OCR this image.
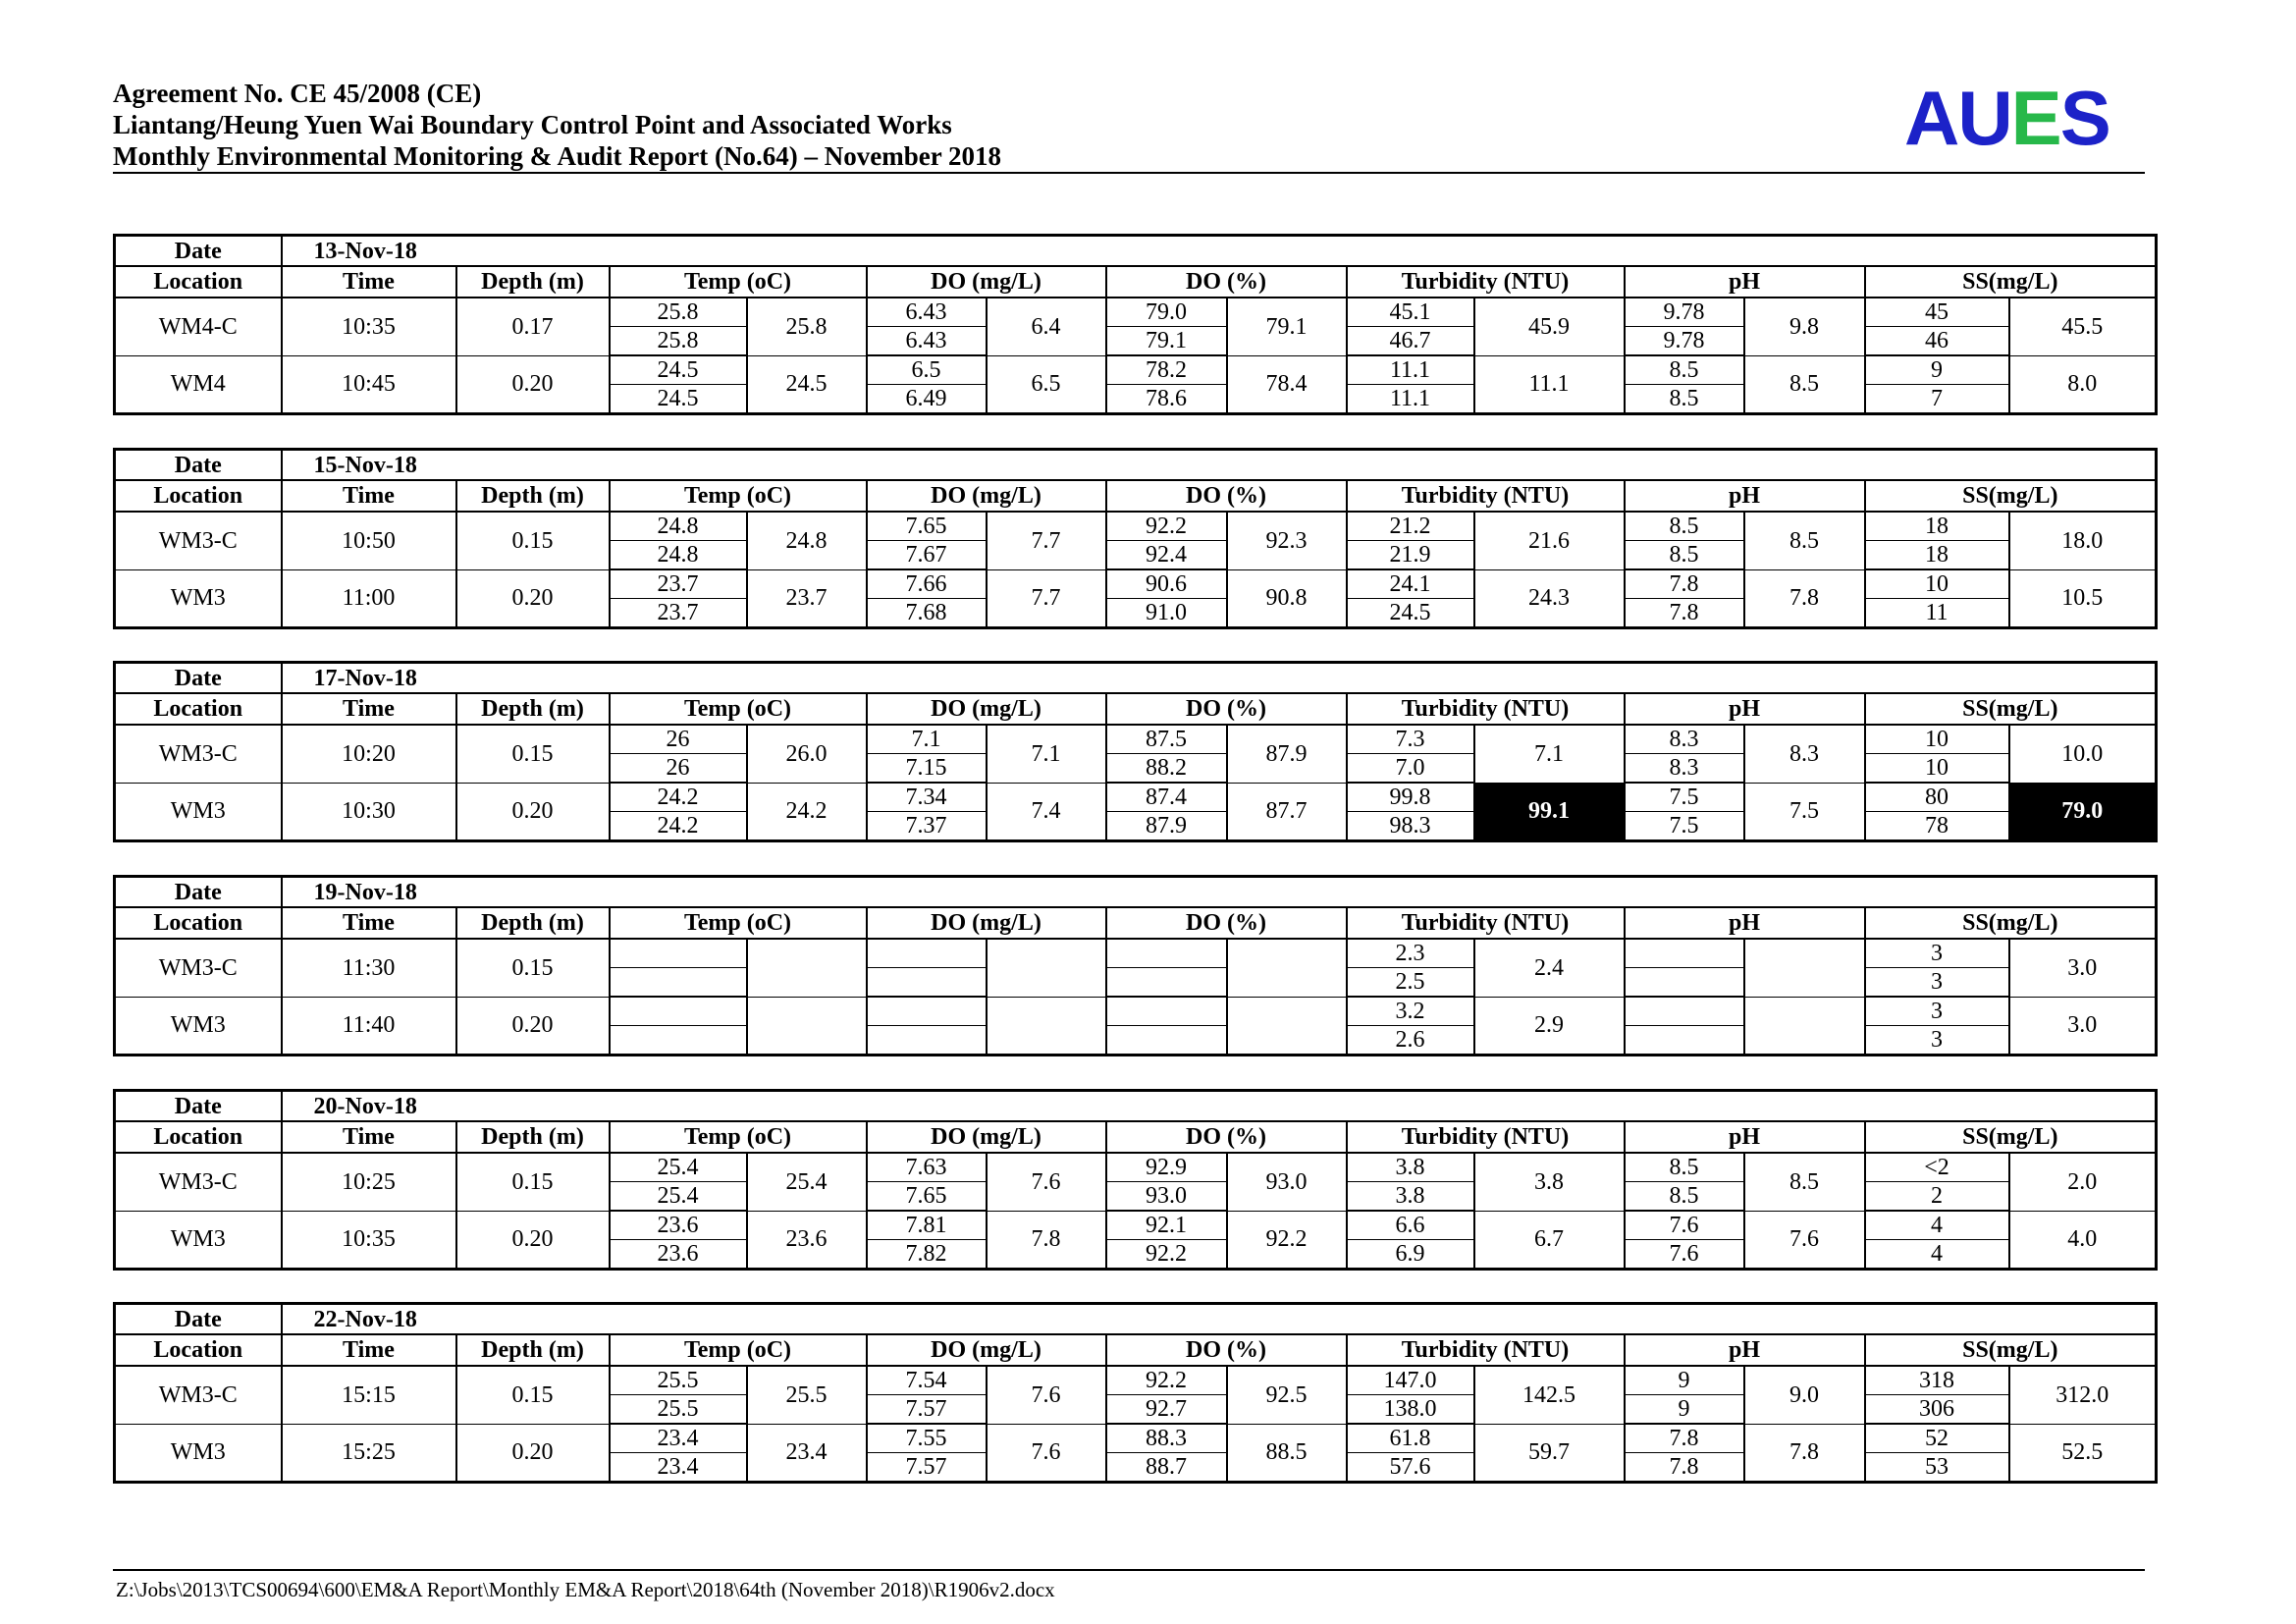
Agreement No. CE 45/2008 (CE)
Liantang/Heung Yuen Wai Boundary Control Point and Associated Works
Monthly Environmental Monitoring & Audit Report (No.64) – November 2018	AUES
Date	13-Nov-18													
Location	Time	Depth (m)	Temp (oC)		DO (mg/L)		DO (%)		Turbidity (NTU)		pH		SS(mg/L)	
WM4-C	10:35	0.17	25.8	25.8	6.43	6.4	79.0	79.1	45.1	45.9	9.78	9.8	45	45.5
			25.8		6.43		79.1		46.7		9.78		46	
WM4	10:45	0.20	24.5	24.5	6.5	6.5	78.2	78.4	11.1	11.1	8.5	8.5	9	8.0
			24.5		6.49		78.6		11.1		8.5		7	
Date	15-Nov-18													
Location	Time	Depth (m)	Temp (oC)		DO (mg/L)		DO (%)		Turbidity (NTU)		pH		SS(mg/L)	
WM3-C	10:50	0.15	24.8	24.8	7.65	7.7	92.2	92.3	21.2	21.6	8.5	8.5	18	18.0
			24.8		7.67		92.4		21.9		8.5		18	
WM3	11:00	0.20	23.7	23.7	7.66	7.7	90.6	90.8	24.1	24.3	7.8	7.8	10	10.5
			23.7		7.68		91.0		24.5		7.8		11	
Date	17-Nov-18													
Location	Time	Depth (m)	Temp (oC)		DO (mg/L)		DO (%)		Turbidity (NTU)		pH		SS(mg/L)	
WM3-C	10:20	0.15	26	26.0	7.1	7.1	87.5	87.9	7.3	7.1	8.3	8.3	10	10.0
			26		7.15		88.2		7.0		8.3		10	
WM3	10:30	0.20	24.2	24.2	7.34	7.4	87.4	87.7	99.8	99.1	7.5	7.5	80	79.0
			24.2		7.37		87.9		98.3		7.5		78	
Date	19-Nov-18													
Location	Time	Depth (m)	Temp (oC)		DO (mg/L)		DO (%)		Turbidity (NTU)		pH		SS(mg/L)	
WM3-C	11:30	0.15							2.3	2.4			3	3.0
									2.5				3	
WM3	11:40	0.20							3.2	2.9			3	3.0
									2.6				3	
Date	20-Nov-18													
Location	Time	Depth (m)	Temp (oC)		DO (mg/L)		DO (%)		Turbidity (NTU)		pH		SS(mg/L)	
WM3-C	10:25	0.15	25.4	25.4	7.63	7.6	92.9	93.0	3.8	3.8	8.5	8.5	<2	2.0
			25.4		7.65		93.0		3.8		8.5		2	
WM3	10:35	0.20	23.6	23.6	7.81	7.8	92.1	92.2	6.6	6.7	7.6	7.6	4	4.0
			23.6		7.82		92.2		6.9		7.6		4	
Date	22-Nov-18													
Location	Time	Depth (m)	Temp (oC)		DO (mg/L)		DO (%)		Turbidity (NTU)		pH		SS(mg/L)	
WM3-C	15:15	0.15	25.5	25.5	7.54	7.6	92.2	92.5	147.0	142.5	9	9.0	318	312.0
			25.5		7.57		92.7		138.0		9		306	
WM3	15:25	0.20	23.4	23.4	7.55	7.6	88.3	88.5	61.8	59.7	7.8	7.8	52	52.5
			23.4		7.57		88.7		57.6		7.8		53	
Z:\Jobs\2013\TCS00694\600\EM&A Report\Monthly EM&A Report\2018\64th (November 2018)\R1906v2.docx
